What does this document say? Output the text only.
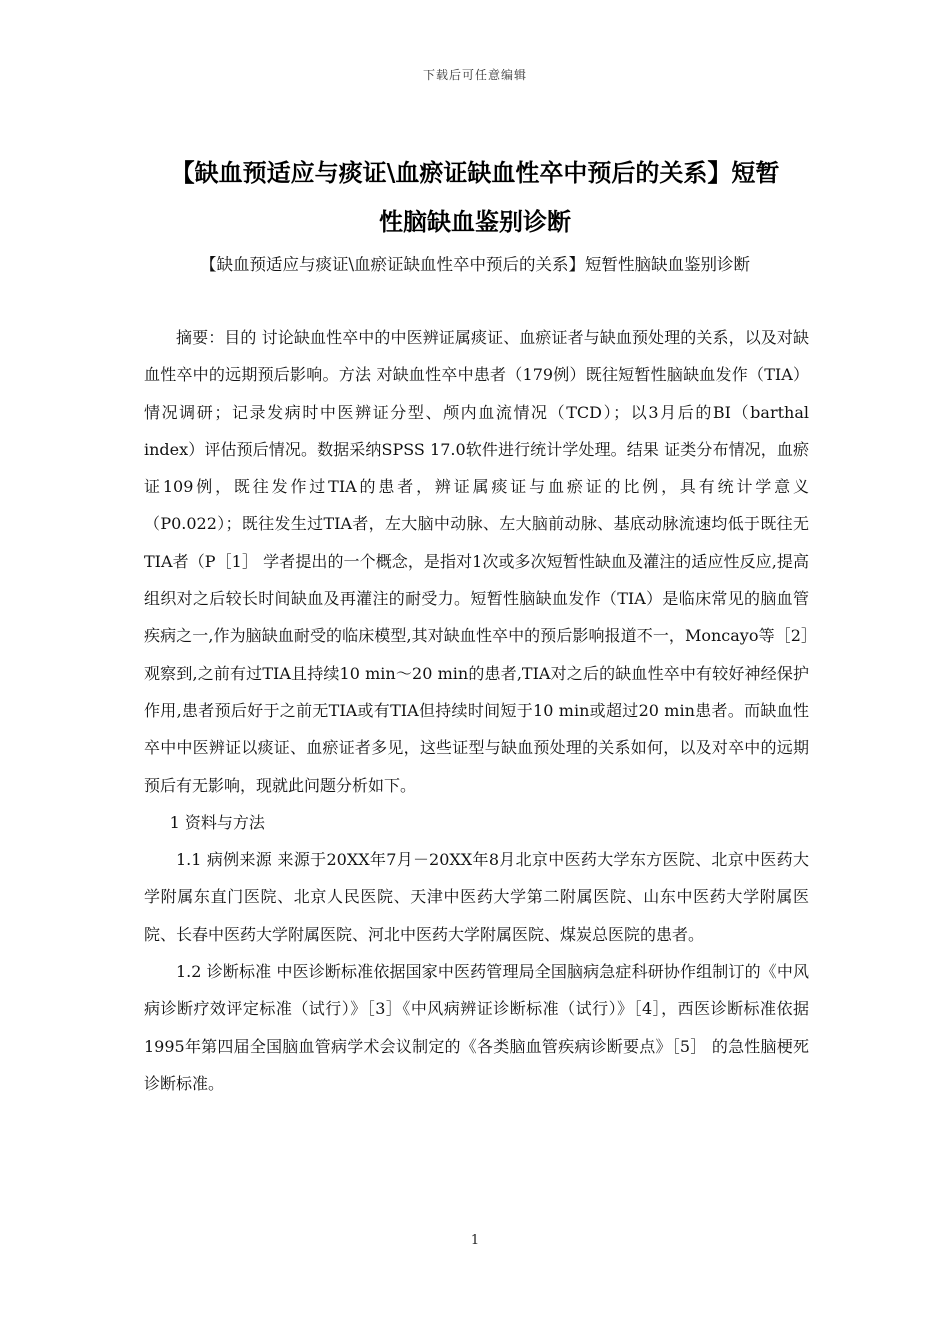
下载后可任意编辑
【缺血预适应与痰证\血瘀证缺血性卒中预后的关系】短暂
性脑缺血鉴别诊断
【缺血预适应与痰证\血瘀证缺血性卒中预后的关系】短暂性脑缺血鉴别诊断

摘要：目的 讨论缺血性卒中的中医辨证属痰证、血瘀证者与缺血预处理的关系，以及对缺血性卒中的远期预后影响。方法 对缺血性卒中患者（179例）既往短暂性脑缺血发作（TIA）情况调研；记录发病时中医辨证分型、颅内血流情况（TCD）；以3月后的BI（barthal index）评估预后情况。数据采纳SPSS 17.0软件进行统计学处理。结果 证类分布情况，血瘀证109例，既往发作过TIA的患者，辨证属痰证与血瘀证的比例，具有统计学意义（P0.022）；既往发生过TIA者，左大脑中动脉、左大脑前动脉、基底动脉流速均低于既往无TIA者（P［1］ 学者提出的一个概念，是指对1次或多次短暂性缺血及灌注的适应性反应,提高组织对之后较长时间缺血及再灌注的耐受力。短暂性脑缺血发作（TIA）是临床常见的脑血管疾病之一,作为脑缺血耐受的临床模型,其对缺血性卒中的预后影响报道不一，Moncayo等［2］观察到,之前有过TIA且持续10 min～20 min的患者,TIA对之后的缺血性卒中有较好神经保护作用,患者预后好于之前无TIA或有TIA但持续时间短于10 min或超过20 min患者。而缺血性卒中中医辨证以痰证、血瘀证者多见，这些证型与缺血预处理的关系如何，以及对卒中的远期预后有无影响，现就此问题分析如下。

1 资料与方法

1.1 病例来源 来源于20XX年7月－20XX年8月北京中医药大学东方医院、北京中医药大学附属东直门医院、北京人民医院、天津中医药大学第二附属医院、山东中医药大学附属医院、长春中医药大学附属医院、河北中医药大学附属医院、煤炭总医院的患者。

1.2 诊断标准 中医诊断标准依据国家中医药管理局全国脑病急症科研协作组制订的《中风病诊断疗效评定标准（试行）》［3］《中风病辨证诊断标准（试行）》［4］，西医诊断标准依据1995年第四届全国脑血管病学术会议制定的《各类脑血管疾病诊断要点》［5］ 的急性脑梗死诊断标准。

1
